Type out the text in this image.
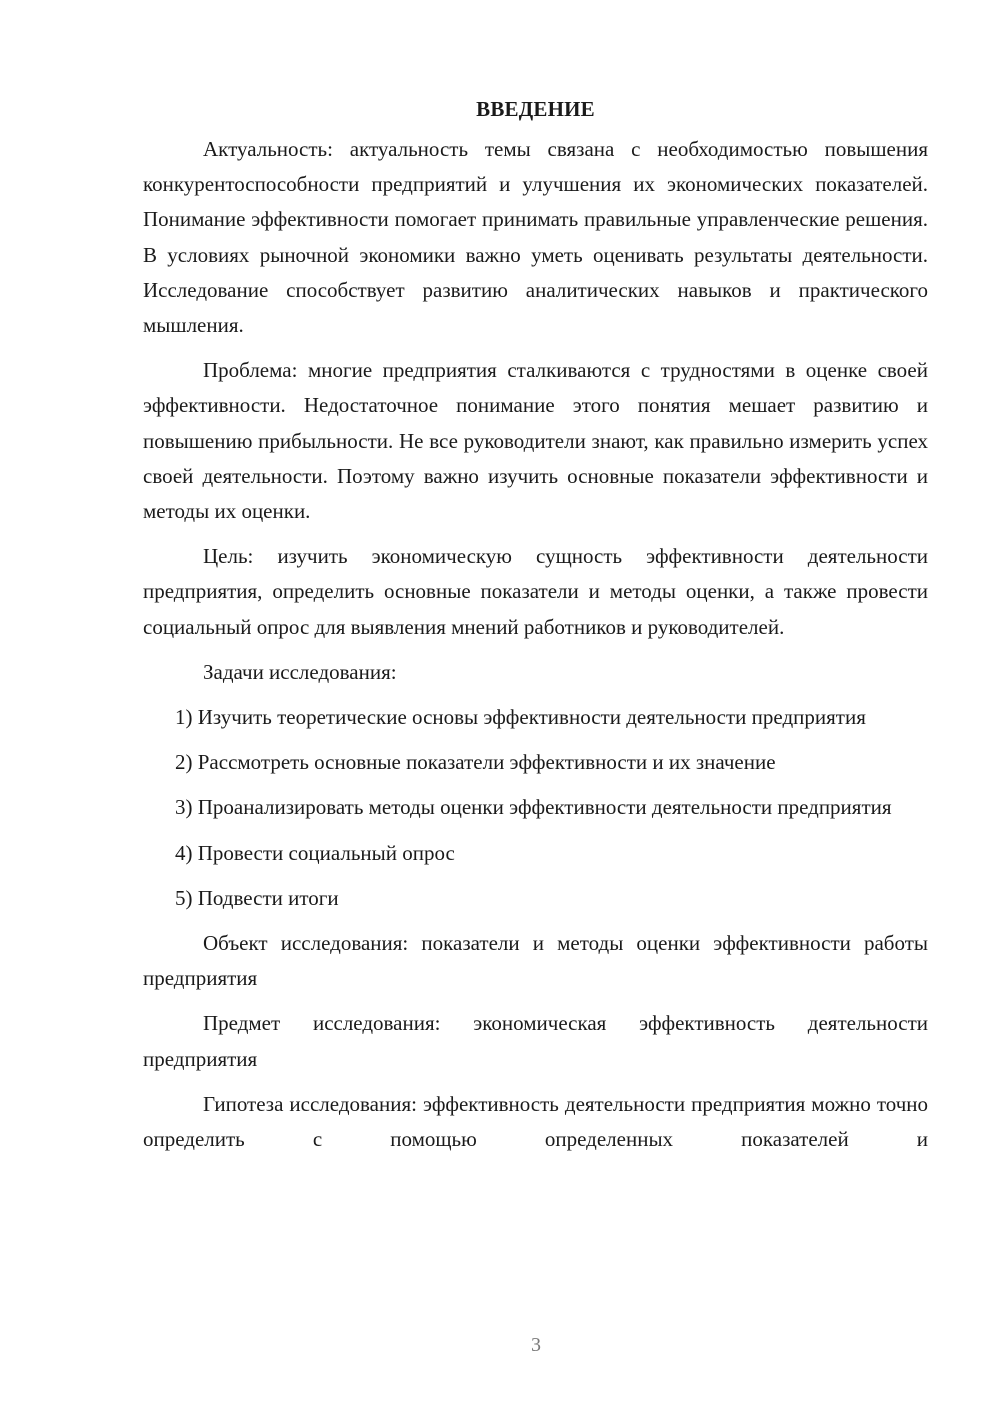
ВВЕДЕНИЕ

Актуальность: актуальность темы связана с необходимостью повышения конкурентоспособности предприятий и улучшения их экономических показателей. Понимание эффективности помогает принимать правильные управленческие решения. В условиях рыночной экономики важно уметь оценивать результаты деятельности. Исследование способствует развитию аналитических навыков и практического мышления.

Проблема: многие предприятия сталкиваются с трудностями в оценке своей эффективности. Недостаточное понимание этого понятия мешает развитию и повышению прибыльности. Не все руководители знают, как правильно измерить успех своей деятельности. Поэтому важно изучить основные показатели эффективности и методы их оценки.

Цель: изучить экономическую сущность эффективности деятельности предприятия, определить основные показатели и методы оценки, а также провести социальный опрос для выявления мнений работников и руководителей.

Задачи исследования:

1) Изучить теоретические основы эффективности деятельности предприятия

2) Рассмотреть основные показатели эффективности и их значение

3) Проанализировать методы оценки эффективности деятельности предприятия

4) Провести социальный опрос

5) Подвести итоги

Объект исследования: показатели и методы оценки эффективности работы предприятия

Предмет исследования: экономическая эффективность деятельности предприятия

Гипотеза исследования: эффективность деятельности предприятия можно точно определить с помощью определенных показателей и

3
